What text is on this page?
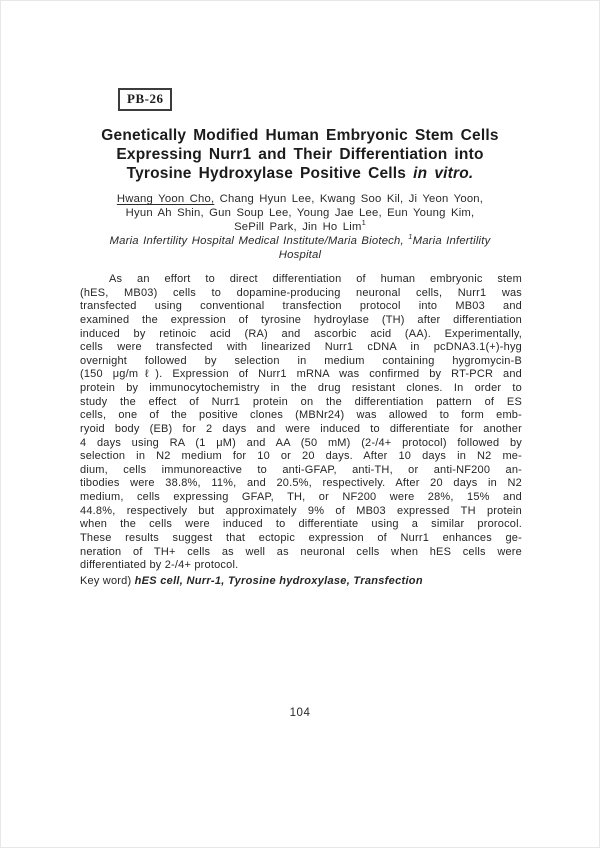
PB-26
Genetically Modified Human Embryonic Stem Cells
Expressing Nurr1 and Their Differentiation into
Tyrosine Hydroxylase Positive Cells in vitro.
Hwang Yoon Cho, Chang Hyun Lee, Kwang Soo Kil, Ji Yeon Yoon,
Hyun Ah Shin, Gun Soup Lee, Young Jae Lee, Eun Young Kim,
SePill Park, Jin Ho Lim$^1$
Maria Infertility Hospital Medical Institute/Maria Biotech, $^1$Maria Infertility
Hospital
As an effort to direct differentiation of human embryonic stem
(hES, MB03) cells to dopamine-producing neuronal cells, Nurr1 was
transfected using conventional transfection protocol into MB03 and
examined the expression of tyrosine hydroylase (TH) after differentiation
induced by retinoic acid (RA) and ascorbic acid (AA). Experimentally,
cells were transfected with linearized Nurr1 cDNA in pcDNA3.1(+)-hyg
overnight followed by selection in medium containing hygromycin-B
(150 μg/mℓ). Expression of Nurr1 mRNA was confirmed by RT-PCR and
protein by immunocytochemistry in the drug resistant clones. In order to
study the effect of Nurr1 protein on the differentiation pattern of ES
cells, one of the positive clones (MBNr24) was allowed to form emb-
ryoid body (EB) for 2 days and were induced to differentiate for another
4 days using RA (1 μM) and AA (50 mM) (2-/4+ protocol) followed by
selection in N2 medium for 10 or 20 days. After 10 days in N2 me-
dium, cells immunoreactive to anti-GFAP, anti-TH, or anti-NF200 an-
tibodies were 38.8%, 11%, and 20.5%, respectively. After 20 days in N2
medium, cells expressing GFAP, TH, or NF200 were 28%, 15% and
44.8%, respectively but approximately 9% of MB03 expressed TH protein
when the cells were induced to differentiate using a similar prorocol.
These results suggest that ectopic expression of Nurr1 enhances ge-
neration of TH+ cells as well as neuronal cells when hES cells were
differentiated by 2-/4+ protocol.
Key word) hES cell, Nurr-1, Tyrosine hydroxylase, Transfection
104
